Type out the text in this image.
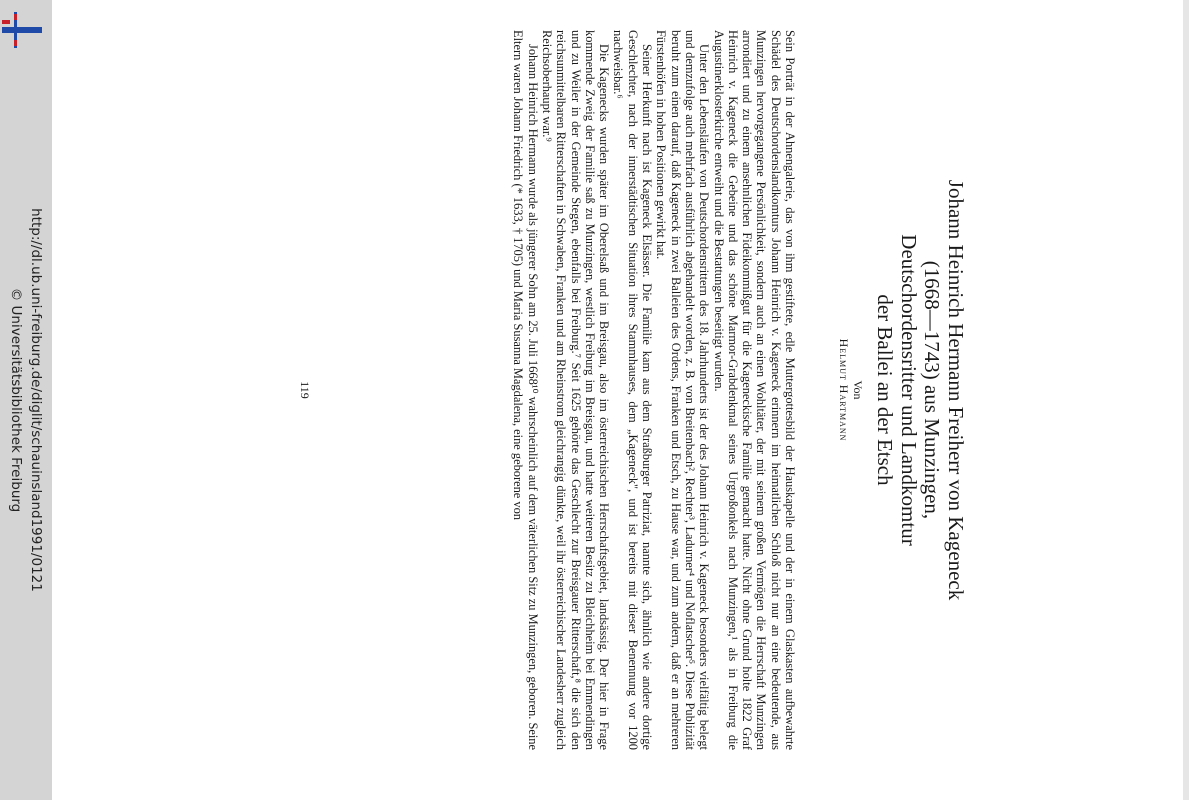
http://dl.ub.uni-freiburg.de/diglit/schauinsland1991/0121
© Universitätsbibliothek Freiburg	Johann Heinrich Hermann Freiherr von Kageneck
(1668—1743) aus Munzingen,
Deutschordensritter und Landkomtur
der Ballei an der Etsch
Von
Helmut Hartmann

Sein Porträt in der Ahnengalerie, das von ihm gestiftete, edle Muttergottesbild der Hauskapelle und der in einem Glaskasten aufbewahrte Schädel des Deutschordenslandkomturs Johann Heinrich v. Kageneck erinnern im heimatlichen Schloß nicht nur an eine bedeutende, aus Munzingen hervorgegangene Persönlichkeit, sondern auch an einen Wohltäter, der mit seinem großen Vermögen die Herrschaft Munzingen arrondiert und zu einem ansehnlichen Fideikommißgut für die Kageneckische Familie gemacht hatte. Nicht ohne Grund holte 1822 Graf Heinrich v. Kageneck die Gebeine und das schöne Marmor-Grabdenkmal seines Urgroßonkels nach Munzingen,¹ als in Freiburg die Augustinerklosterkirche entweiht und die Bestattungen beseitigt wurden.

Unter den Lebensläufen von Deutschordensrittern des 18. Jahrhunderts ist der des Johann Heinrich v. Kageneck besonders vielfältig belegt und demzufolge auch mehrfach ausführlich abgehandelt worden, z. B. von Breitenbach², Rechter³, Ladurner⁴ und Noflatscher⁵. Diese Publizität beruht zum einen darauf, daß Kageneck in zwei Balleien des Ordens, Franken und Etsch, zu Hause war, und zum andern, daß er an mehreren Fürstenhöfen in hohen Positionen gewirkt hat.

Seiner Herkunft nach ist Kageneck Elsässer. Die Familie kam aus dem Straßburger Patriziat, nannte sich, ähnlich wie andere dortige Geschlechter, nach der innerstädtischen Situation ihres Stammhauses, dem „Kageneck", und ist bereits mit dieser Benennung vor 1200 nachweisbar.⁶

Die Kagenecks wurden später im Oberelsaß und im Breisgau, also im österreichischen Herrschaftsgebiet, landsässig. Der hier in Frage kommende Zweig der Familie saß zu Munzingen, westlich Freiburg im Breisgau, und hatte weiteren Besitz zu Bleichheim bei Emmendingen und zu Weiler in der Gemeinde Stegen, ebenfalls bei Freiburg.⁷ Seit 1625 gehörte das Geschlecht zur Breisgauer Ritterschaft,⁸ die sich den reichsunmittelbaren Ritterschaften in Schwaben, Franken und am Rheinstrom gleichrangig dünkte, weil ihr österreichischer Landesherr zugleich Reichsoberhaupt war.⁹

Johann Heinrich Hermann wurde als jüngerer Sohn am 25. Juli 1668¹⁰ wahrscheinlich auf dem väterlichen Sitz zu Munzingen, geboren. Seine Eltern waren Johann Friedrich (* 1633, † 1705) und Maria Susanna Magdalena, eine geborene von

119
